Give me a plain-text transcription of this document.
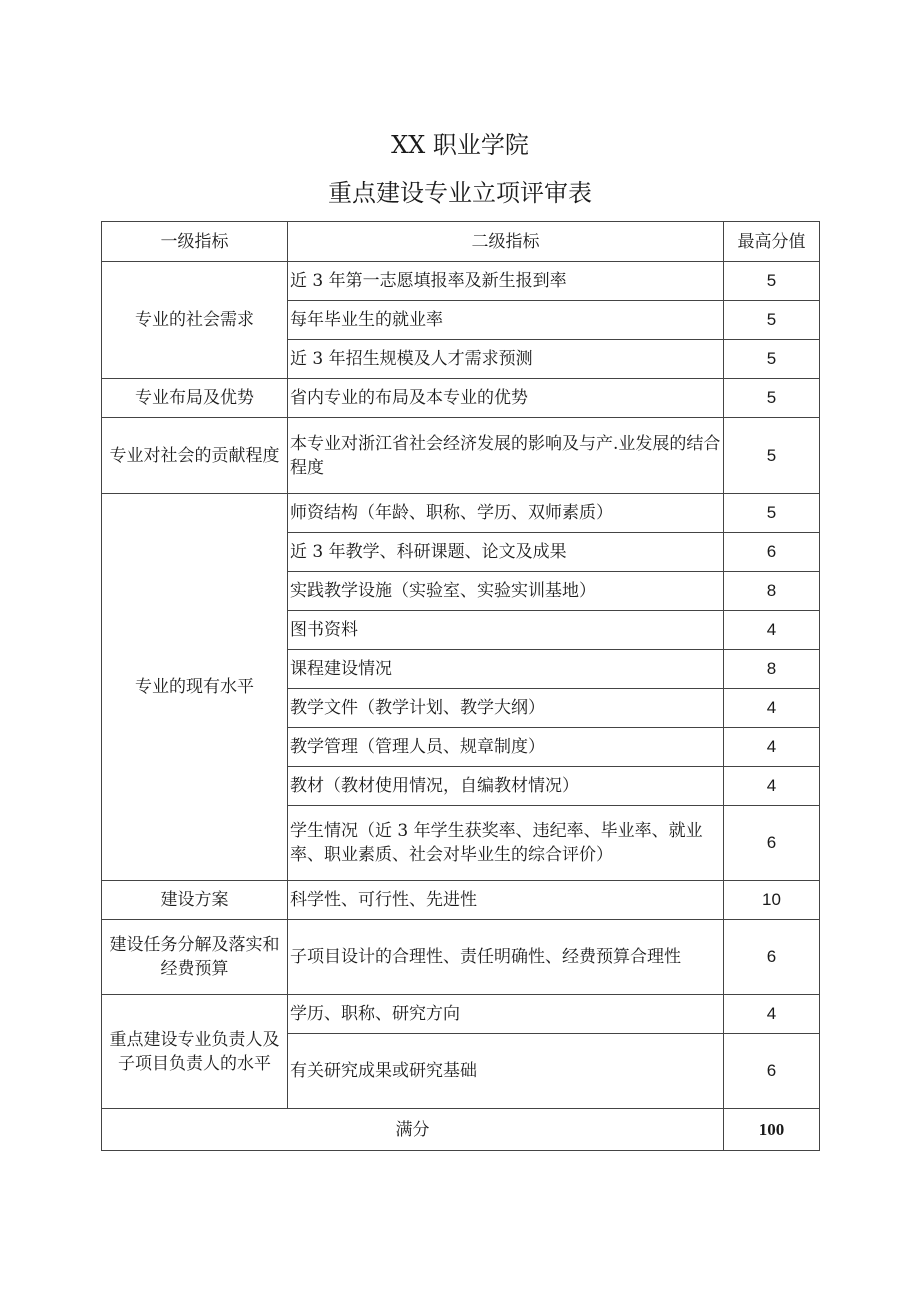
XX 职业学院
重点建设专业立项评审表
一级指标	二级指标	最高分值
专业的社会需求	近 3 年第一志愿填报率及新生报到率	5
	每年毕业生的就业率	5
	近 3 年招生规模及人才需求预测	5
专业布局及优势	省内专业的布局及本专业的优势	5
专业对社会的贡献程度	本专业对浙江省社会经济发展的影响及与产.业发展的结合程度	5
专业的现有水平	师资结构（年龄、职称、学历、双师素质）	5
	近 3 年教学、科研课题、论文及成果	6
	实践教学设施（实验室、实验实训基地）	8
	图书资料	4
	课程建设情况	8
	教学文件（教学计划、教学大纲）	4
	教学管理（管理人员、规章制度）	4
	教材（教材使用情况，自编教材情况）	4
	学生情况（近 3 年学生获奖率、违纪率、毕业率、就业率、职业素质、社会对毕业生的综合评价）	6
建设方案	科学性、可行性、先进性	10
建设任务分解及落实和经费预算	子项目设计的合理性、责任明确性、经费预算合理性	6
重点建设专业负责人及子项目负责人的水平	学历、职称、研究方向	4
	有关研究成果或研究基础	6
满分		100
